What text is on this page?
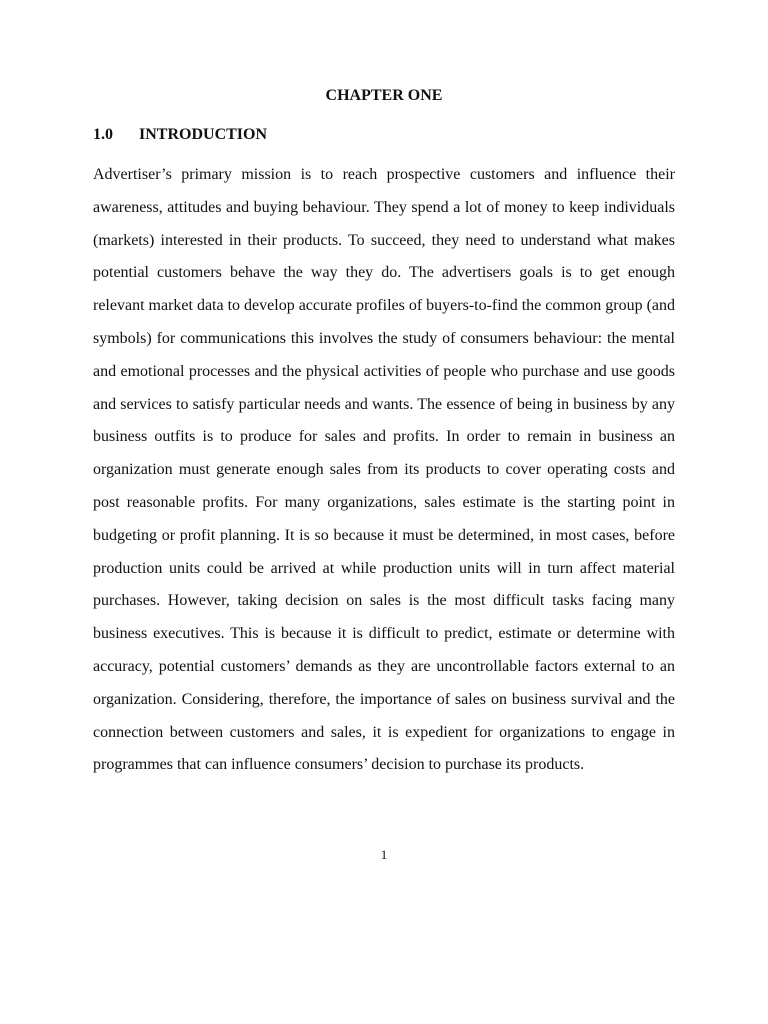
CHAPTER ONE
1.0 INTRODUCTION

Advertiser’s primary mission is to reach prospective customers and influence their awareness, attitudes and buying behaviour. They spend a lot of money to keep individuals (markets) interested in their products. To succeed, they need to understand what makes potential customers behave the way they do. The advertisers goals is to get enough relevant market data to develop accurate profiles of buyers-to-find the common group (and symbols) for communications this involves the study of consumers behaviour: the mental and emotional processes and the physical activities of people who purchase and use goods and services to satisfy particular needs and wants. The essence of being in business by any business outfits is to produce for sales and profits. In order to remain in business an organization must generate enough sales from its products to cover operating costs and post reasonable profits. For many organizations, sales estimate is the starting point in budgeting or profit planning. It is so because it must be determined, in most cases, before production units could be arrived at while production units will in turn affect material purchases. However, taking decision on sales is the most difficult tasks facing many business executives. This is because it is difficult to predict, estimate or determine with accuracy, potential customers’ demands as they are uncontrollable factors external to an organization. Considering, therefore, the importance of sales on business survival and the connection between customers and sales, it is expedient for organizations to engage in programmes that can influence consumers’ decision to purchase its products.

1
